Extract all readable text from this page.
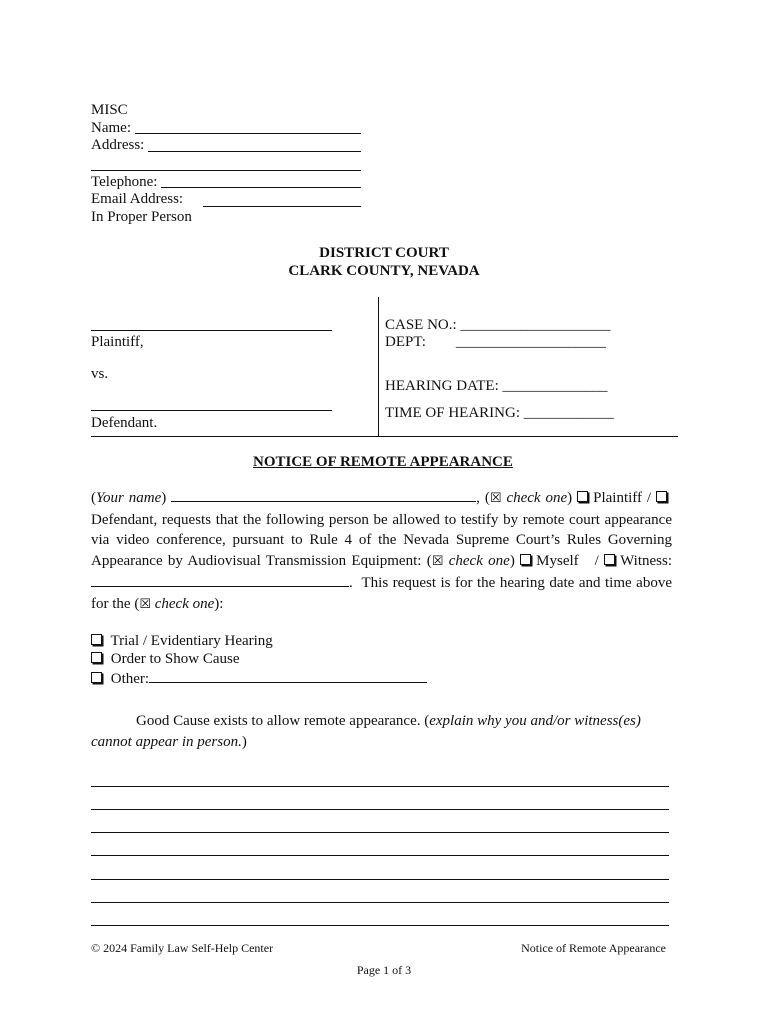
MISC
Name:
Address:
Telephone:
Email Address:
In Proper Person
DISTRICT COURT
CLARK COUNTY, NEVADA
Plaintiff,
vs.
Defendant.
CASE NO.: ____________________
DEPT:        ____________________
HEARING DATE: ______________
TIME OF HEARING: ____________
NOTICE OF REMOTE APPEARANCE
(Your name)	, (☒ check one) Plaintiff / Defendant, requests that the following person be allowed to testify by remote court appearance via video conference, pursuant to Rule 4 of the Nevada Supreme Court’s Rules Governing Appearance by Audiovisual Transmission Equipment: (☒ check one) Myself   / Witness: .  This request is for the hearing date and time above for the (☒ check one):
Trial / Evidentiary Hearing
Order to Show Cause
Other:
Good Cause exists to allow remote appearance. (explain why you and/or witness(es) cannot appear in person.)
© 2024 Family Law Self-Help Center	Notice of Remote Appearance
Page 1 of 3
